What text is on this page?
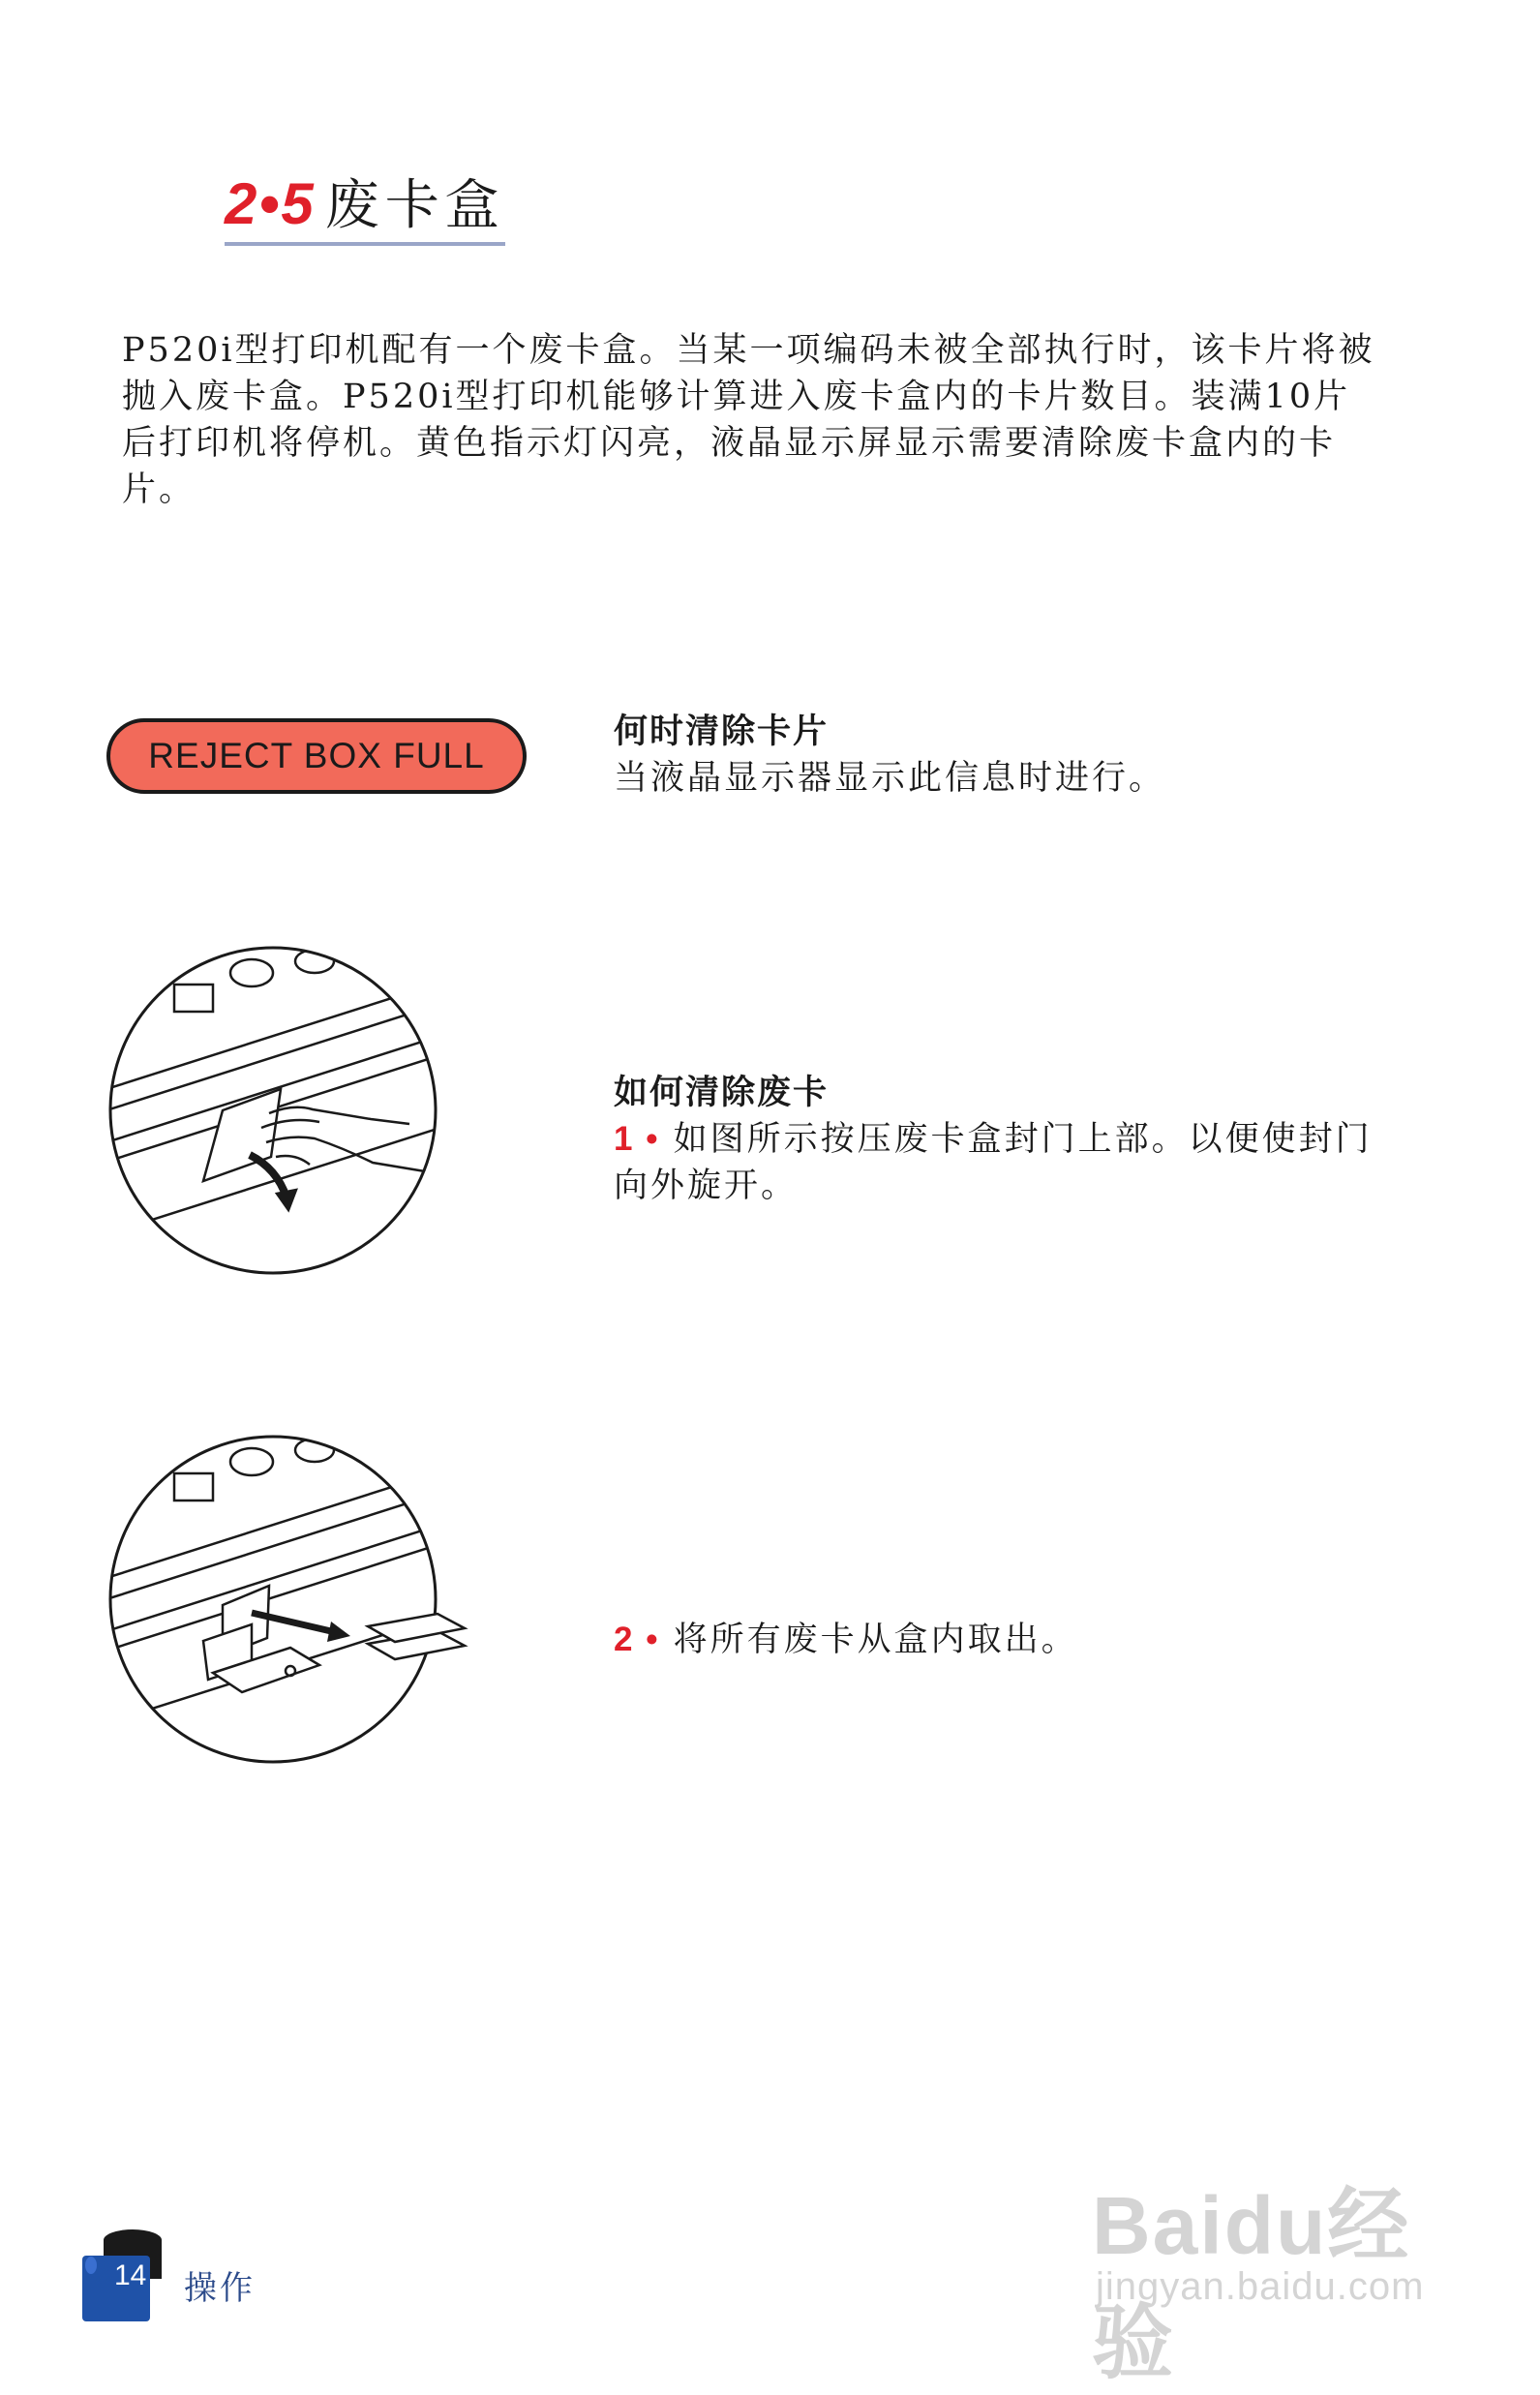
2•5 废卡盒

P520i型打印机配有一个废卡盒。当某一项编码未被全部执行时，该卡片将被抛入废卡盒。P520i型打印机能够计算进入废卡盒内的卡片数目。装满10片后打印机将停机。黄色指示灯闪亮，液晶显示屏显示需要清除废卡盒内的卡片。

REJECT BOX FULL

何时清除卡片

当液晶显示器显示此信息时进行。

如何清除废卡

1 • 如图所示按压废卡盒封门上部。以便使封门向外旋开。

2 • 将所有废卡从盒内取出。

14 操作
Baidu经验
jingyan.baidu.com
